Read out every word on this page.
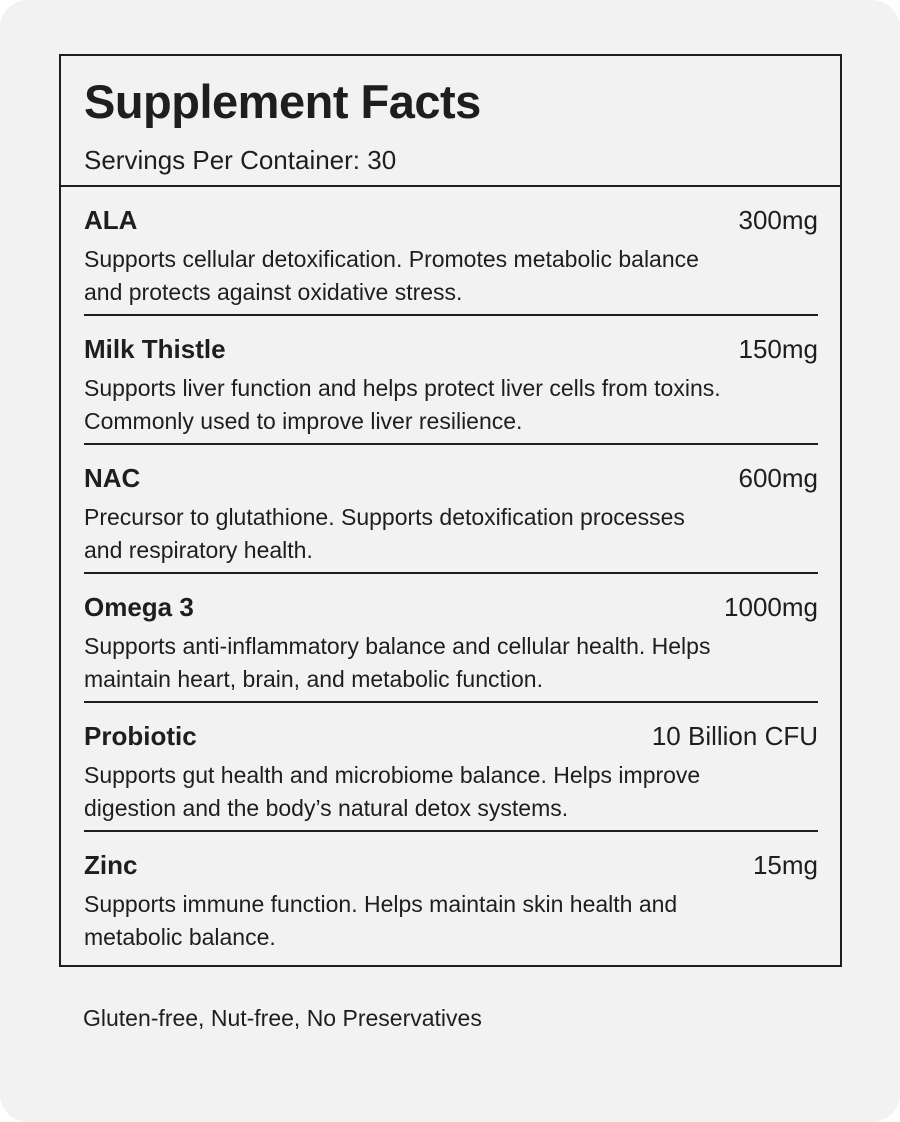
Supplement Facts
Servings Per Container: 30
ALA	300mg
Supports cellular detoxification. Promotes metabolic balance and protects against oxidative stress.
Milk Thistle	150mg
Supports liver function and helps protect liver cells from toxins. Commonly used to improve liver resilience.
NAC	600mg
Precursor to glutathione. Supports detoxification processes and respiratory health.
Omega 3	1000mg
Supports anti-inflammatory balance and cellular health. Helps maintain heart, brain, and metabolic function.
Probiotic	10 Billion CFU
Supports gut health and microbiome balance. Helps improve digestion and the body’s natural detox systems.
Zinc	15mg
Supports immune function. Helps maintain skin health and metabolic balance.
Gluten-free, Nut-free, No Preservatives
